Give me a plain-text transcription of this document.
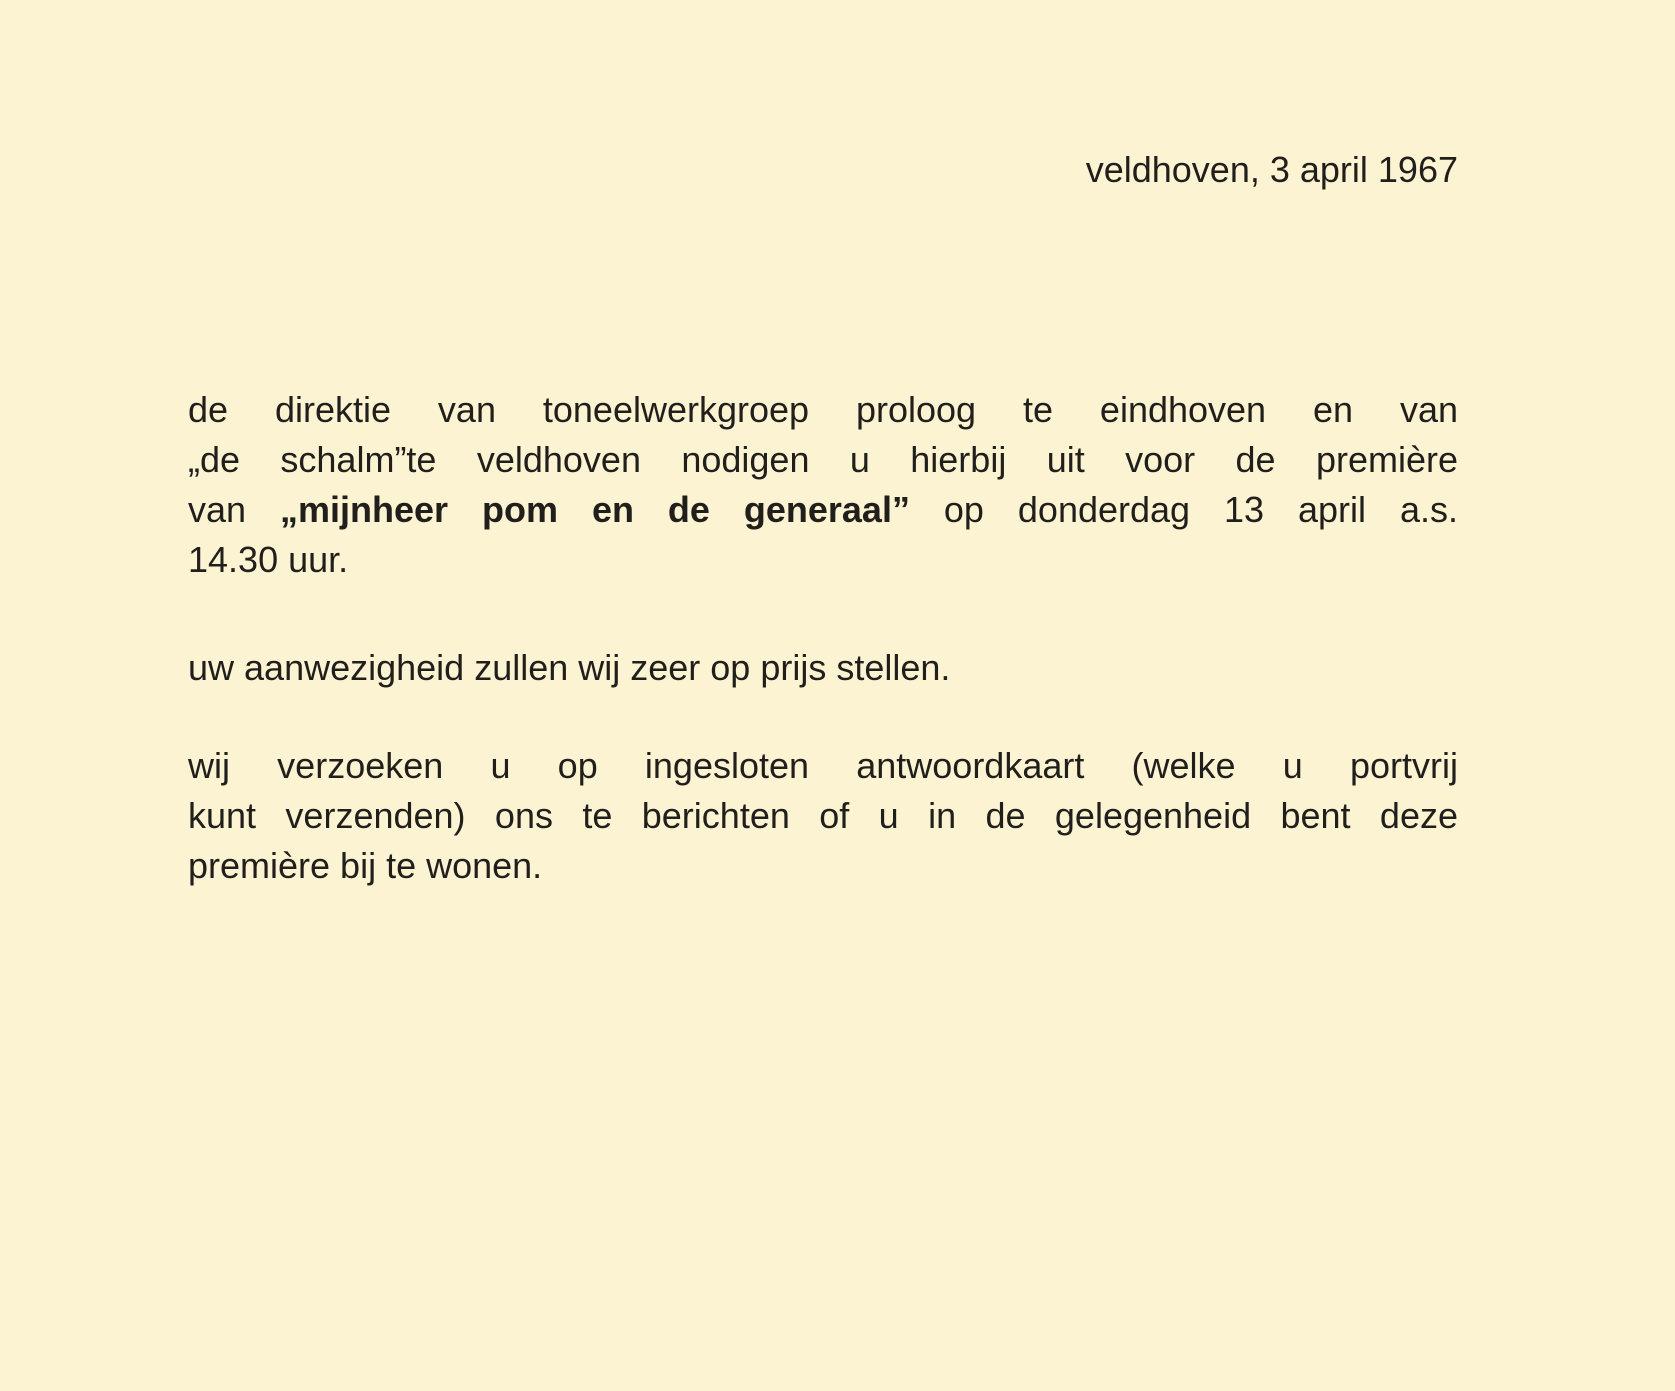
veldhoven, 3 april 1967
de direktie van toneelwerkgroep proloog te eindhoven en van
„de schalm”te veldhoven nodigen u hierbij uit voor de première
van „mijnheer pom en de generaal” op donderdag 13 april a.s.
14.30 uur.
uw aanwezigheid zullen wij zeer op prijs stellen.
wij verzoeken u op ingesloten antwoordkaart (welke u portvrij
kunt verzenden) ons te berichten of u in de gelegenheid bent deze
première bij te wonen.
